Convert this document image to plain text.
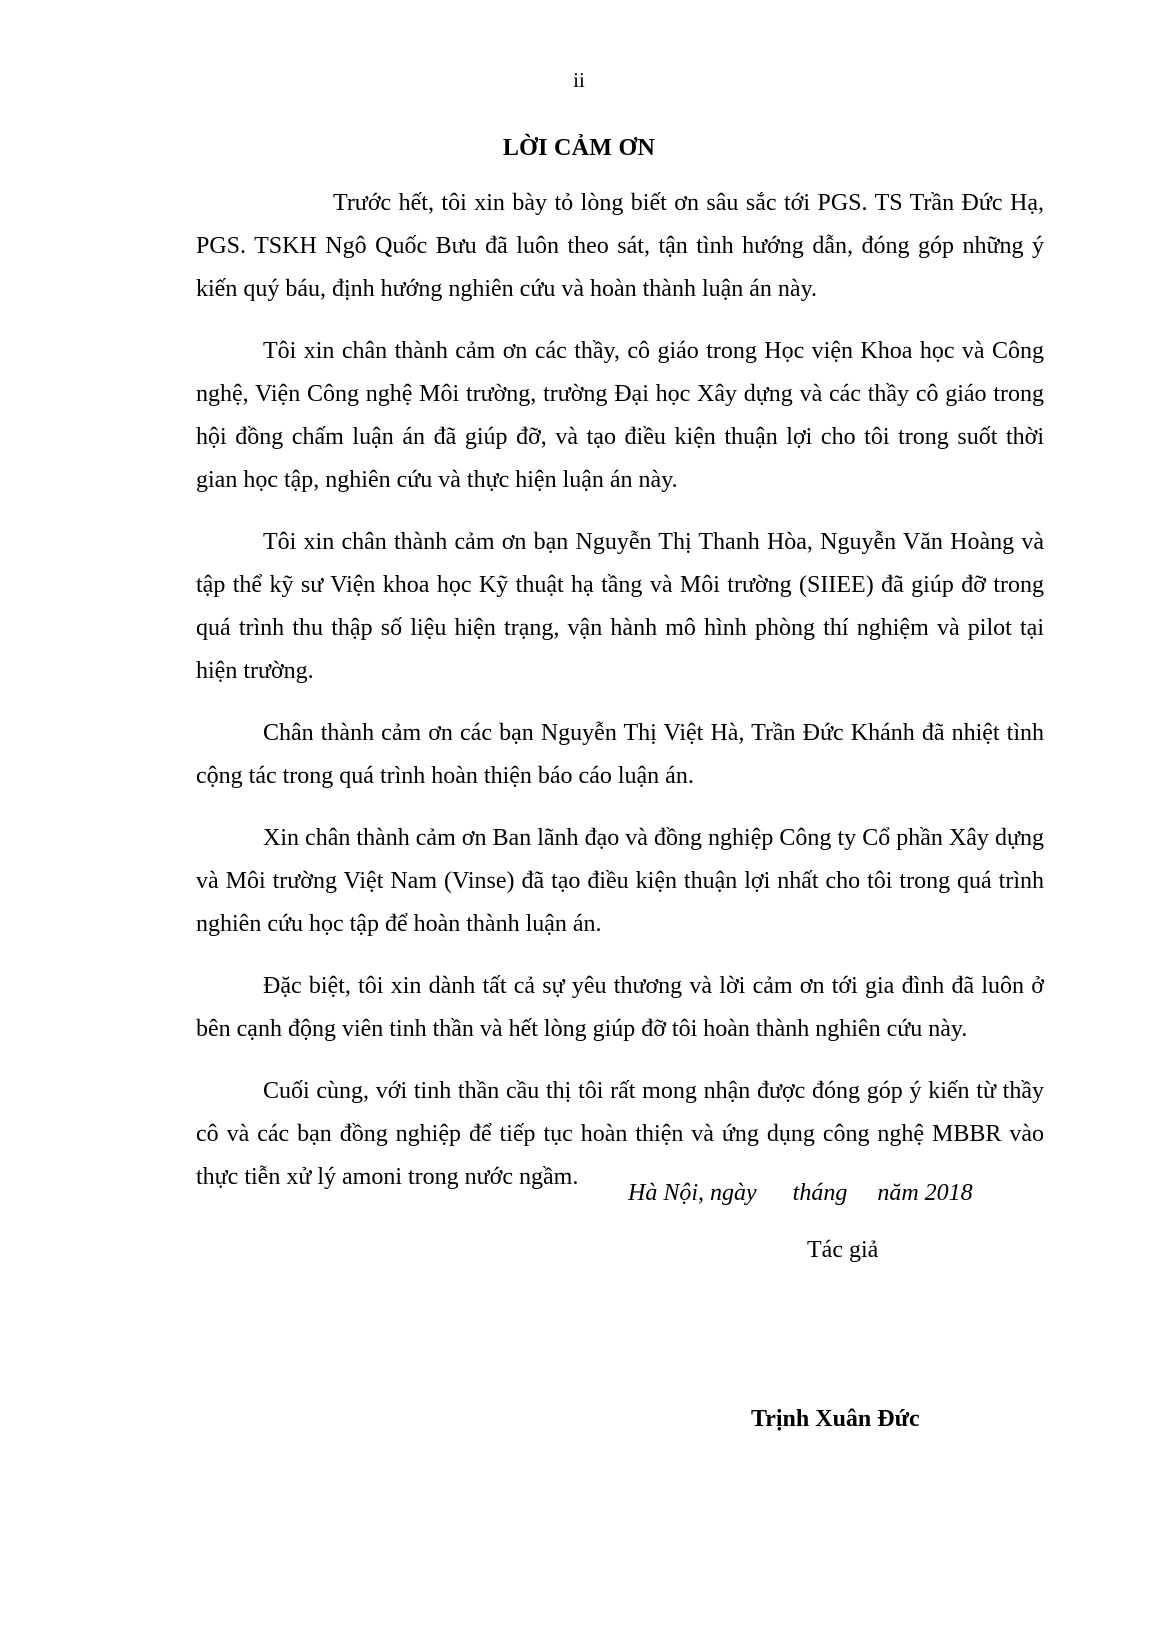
ii
LỜI CẢM ƠN

Trước hết, tôi xin bày tỏ lòng biết ơn sâu sắc tới PGS. TS Trần Đức Hạ, PGS. TSKH Ngô Quốc Bưu đã luôn theo sát, tận tình hướng dẫn, đóng góp những ý kiến quý báu, định hướng nghiên cứu và hoàn thành luận án này.

Tôi xin chân thành cảm ơn các thầy, cô giáo trong Học viện Khoa học và Công nghệ, Viện Công nghệ Môi trường, trường Đại học Xây dựng và các thầy cô giáo trong hội đồng chấm luận án đã giúp đỡ, và tạo điều kiện thuận lợi cho tôi trong suốt thời gian học tập, nghiên cứu và thực hiện luận án này.

Tôi xin chân thành cảm ơn bạn Nguyễn Thị Thanh Hòa, Nguyễn Văn Hoàng và tập thể kỹ sư Viện khoa học Kỹ thuật hạ tầng và Môi trường (SIIEE) đã giúp đỡ trong quá trình thu thập số liệu hiện trạng, vận hành mô hình phòng thí nghiệm và pilot tại hiện trường.

Chân thành cảm ơn các bạn Nguyễn Thị Việt Hà, Trần Đức Khánh đã nhiệt tình cộng tác trong quá trình hoàn thiện báo cáo luận án.

Xin chân thành cảm ơn Ban lãnh đạo và đồng nghiệp Công ty Cổ phần Xây dựng và Môi trường Việt Nam (Vinse) đã tạo điều kiện thuận lợi nhất cho tôi trong quá trình nghiên cứu học tập để hoàn thành luận án.

Đặc biệt, tôi xin dành tất cả sự yêu thương và lời cảm ơn tới gia đình đã luôn ở bên cạnh động viên tinh thần và hết lòng giúp đỡ tôi hoàn thành nghiên cứu này.

Cuối cùng, với tinh thần cầu thị tôi rất mong nhận được đóng góp ý kiến từ thầy cô và các bạn đồng nghiệp để tiếp tục hoàn thiện và ứng dụng công nghệ MBBR vào thực tiễn xử lý amoni trong nước ngầm.

Hà Nội, ngày      tháng     năm 2018
Tác giả
Trịnh Xuân Đức
